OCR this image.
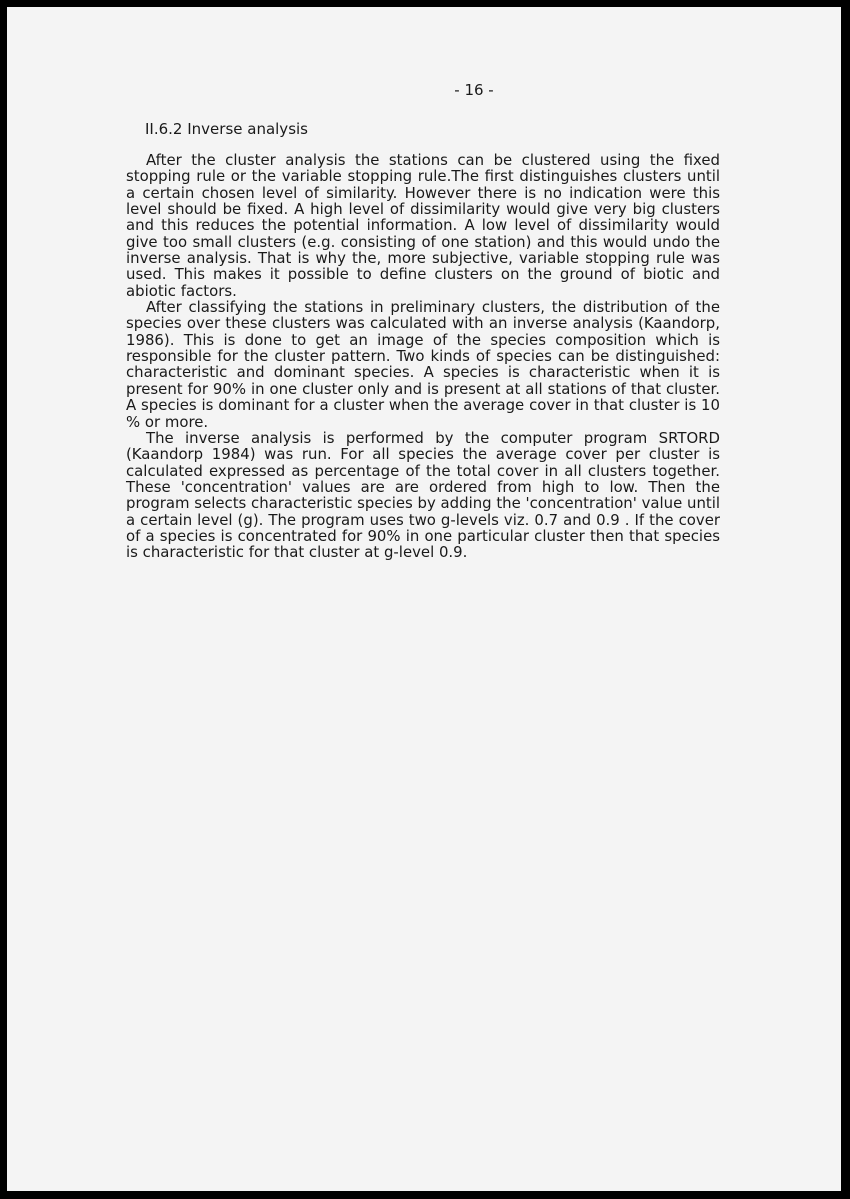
- 16 -
II.6.2 Inverse analysis

After the cluster analysis the stations can be clustered using the fixed stopping rule or the variable stopping rule.The first distinguishes clusters until a certain chosen level of similarity. However there is no indication were this level should be fixed. A high level of dissimilarity would give very big clusters and this reduces the potential information. A low level of dissimilarity would give too small clusters (e.g. consisting of one station) and this would undo the inverse analysis. That is why the, more subjective, variable stopping rule was used. This makes it possible to define clusters on the ground of biotic and abiotic factors.

After classifying the stations in preliminary clusters, the distribution of the species over these clusters was calculated with an inverse analysis (Kaandorp, 1986). This is done to get an image of the species composition which is responsible for the cluster pattern. Two kinds of species can be distinguished: characteristic and dominant species. A species is characteristic when it is present for 90% in one cluster only and is present at all stations of that cluster. A species is dominant for a cluster when the average cover in that cluster is 10 % or more.

The inverse analysis is performed by the computer program SRTORD (Kaandorp 1984) was run. For all species the average cover per cluster is calculated expressed as percentage of the total cover in all clusters together. These 'concentration' values are are ordered from high to low. Then the program selects characteristic species by adding the 'concentration' value until a certain level (g). The program uses two g-levels viz. 0.7 and 0.9 . If the cover of a species is concentrated for 90% in one particular cluster then that species is characteristic for that cluster at g-level 0.9.
